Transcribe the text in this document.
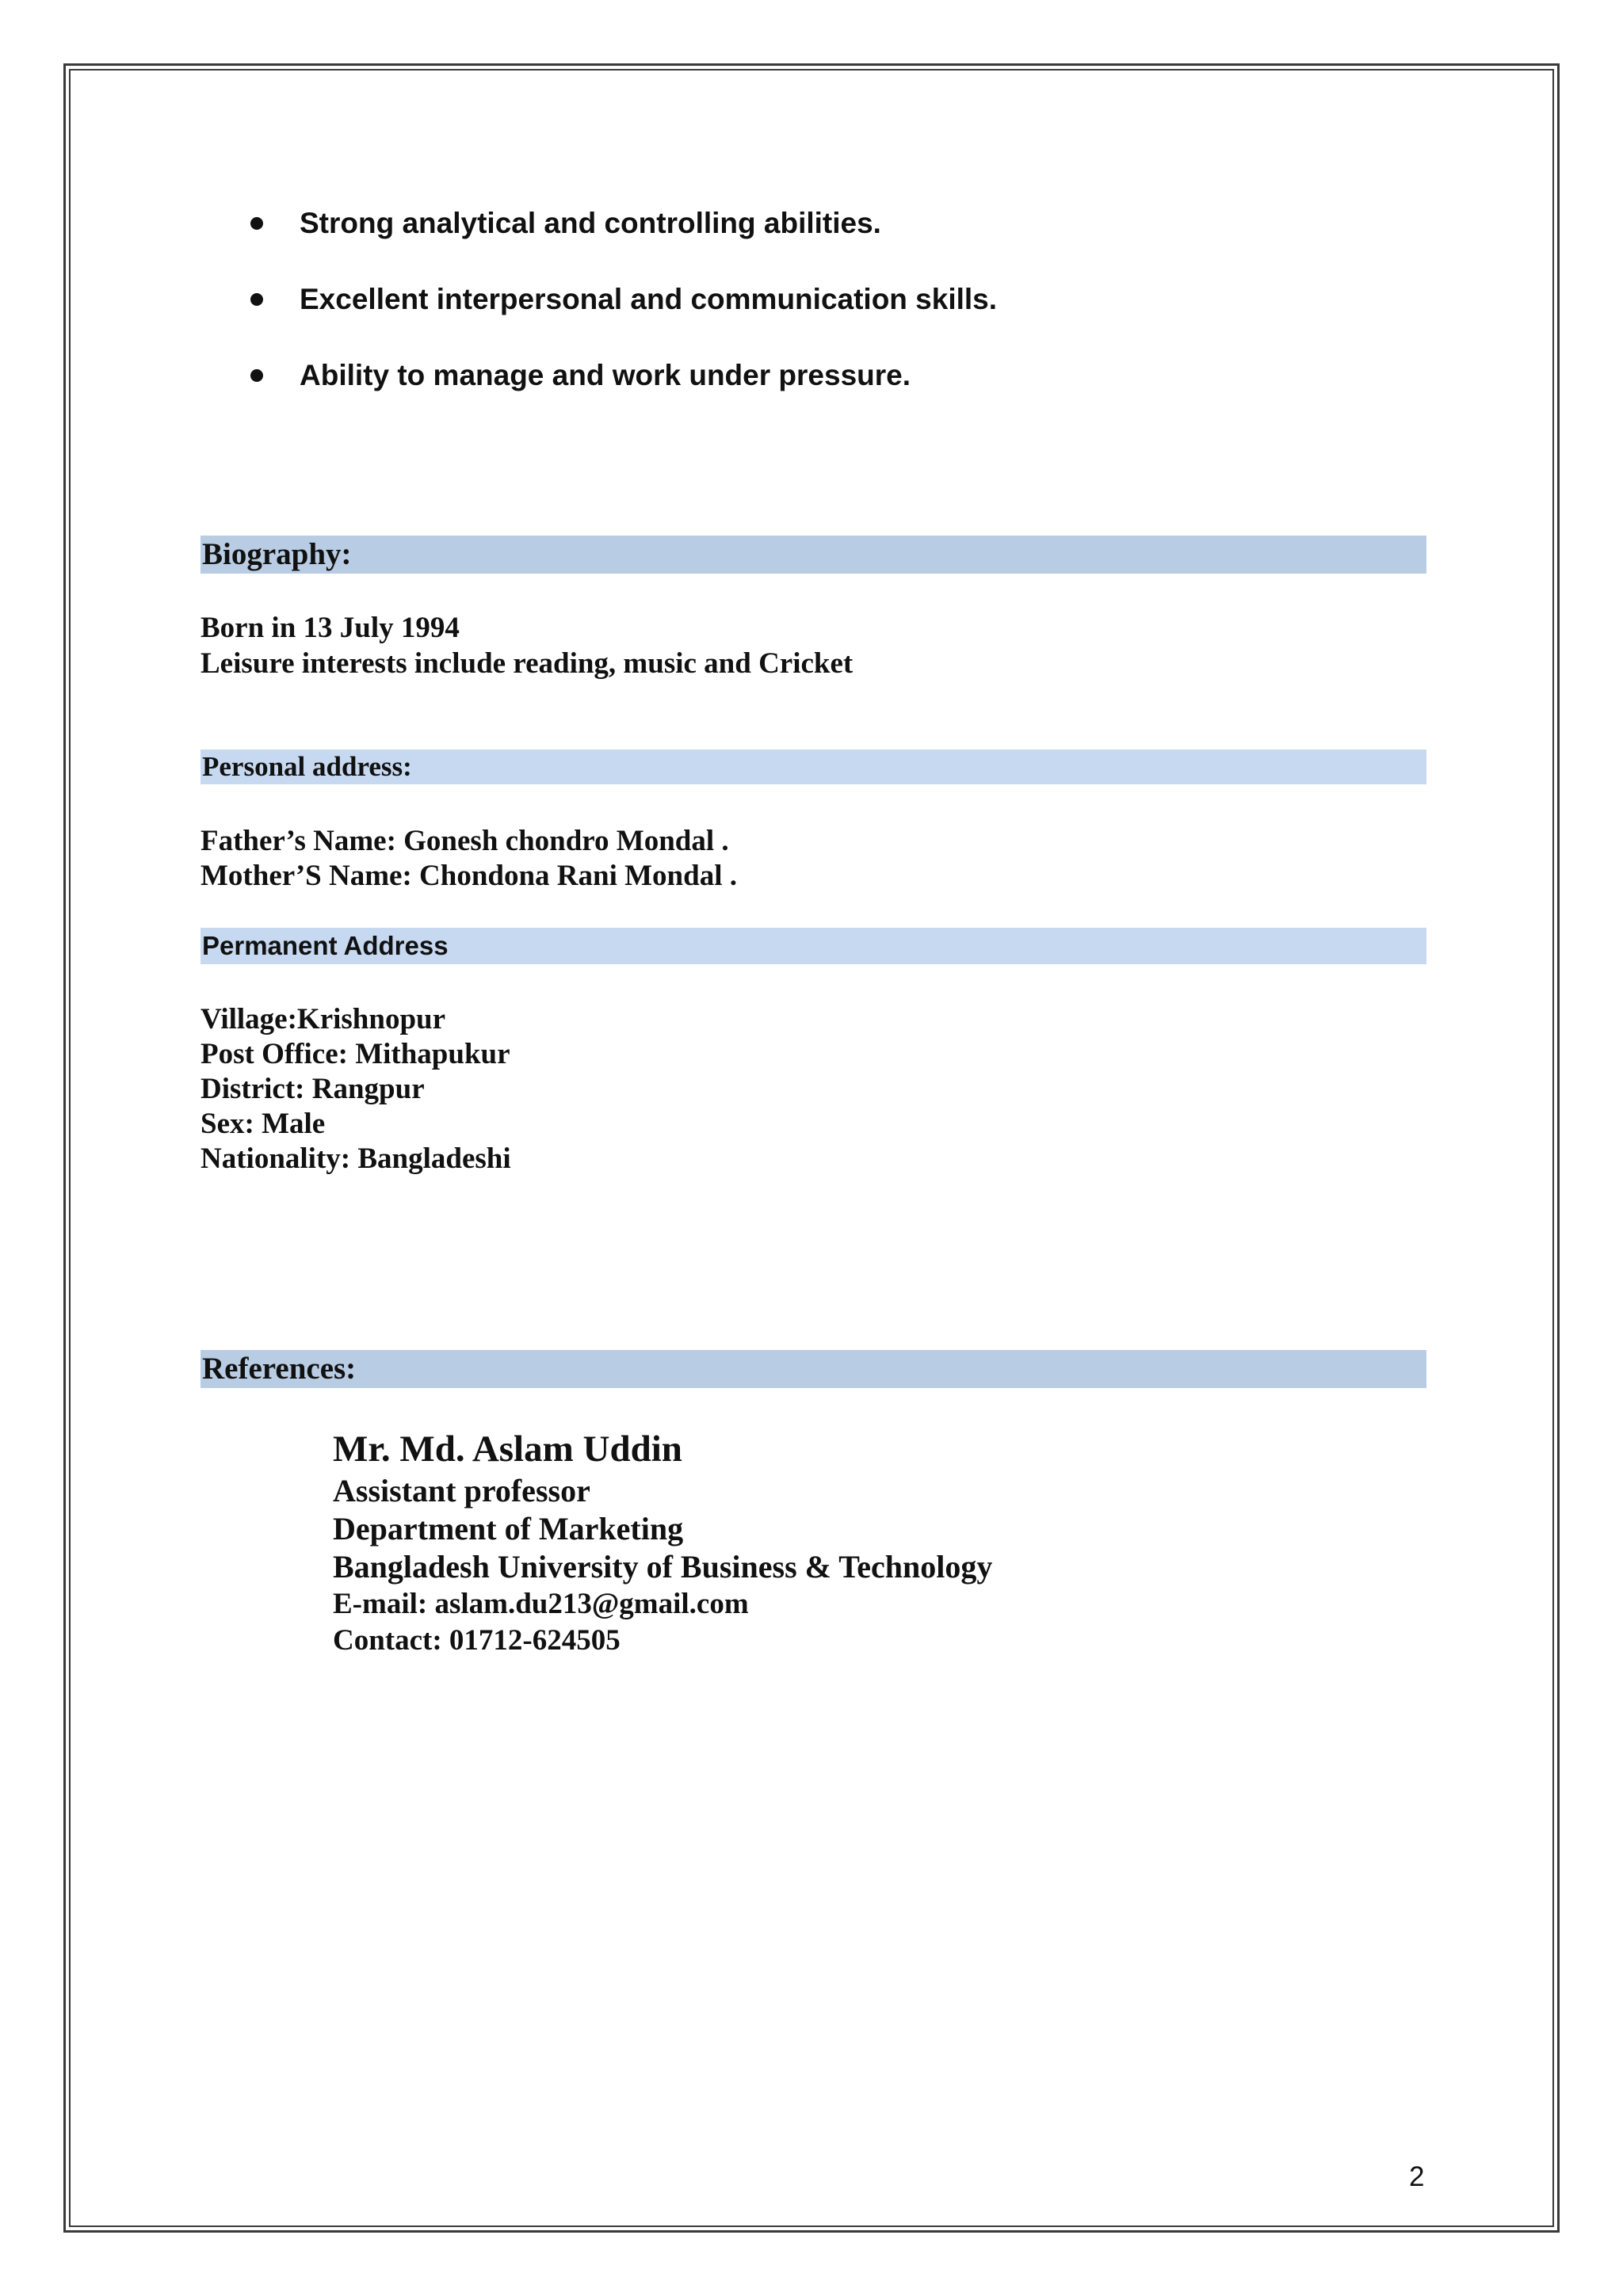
Strong analytical and controlling abilities.
Excellent interpersonal and communication skills.
Ability to manage and work under pressure.
Biography:
Born in 13 July 1994
Leisure interests include reading, music and Cricket
Personal address:
Father’s Name: Gonesh chondro Mondal .
Mother’S Name: Chondona Rani Mondal .
Permanent Address
Village:Krishnopur
Post Office: Mithapukur
District: Rangpur
Sex: Male
Nationality: Bangladeshi
References:
Mr. Md. Aslam Uddin
Assistant professor
Department of Marketing
Bangladesh University of Business & Technology
E-mail: aslam.du213@gmail.com
Contact: 01712-624505
2
